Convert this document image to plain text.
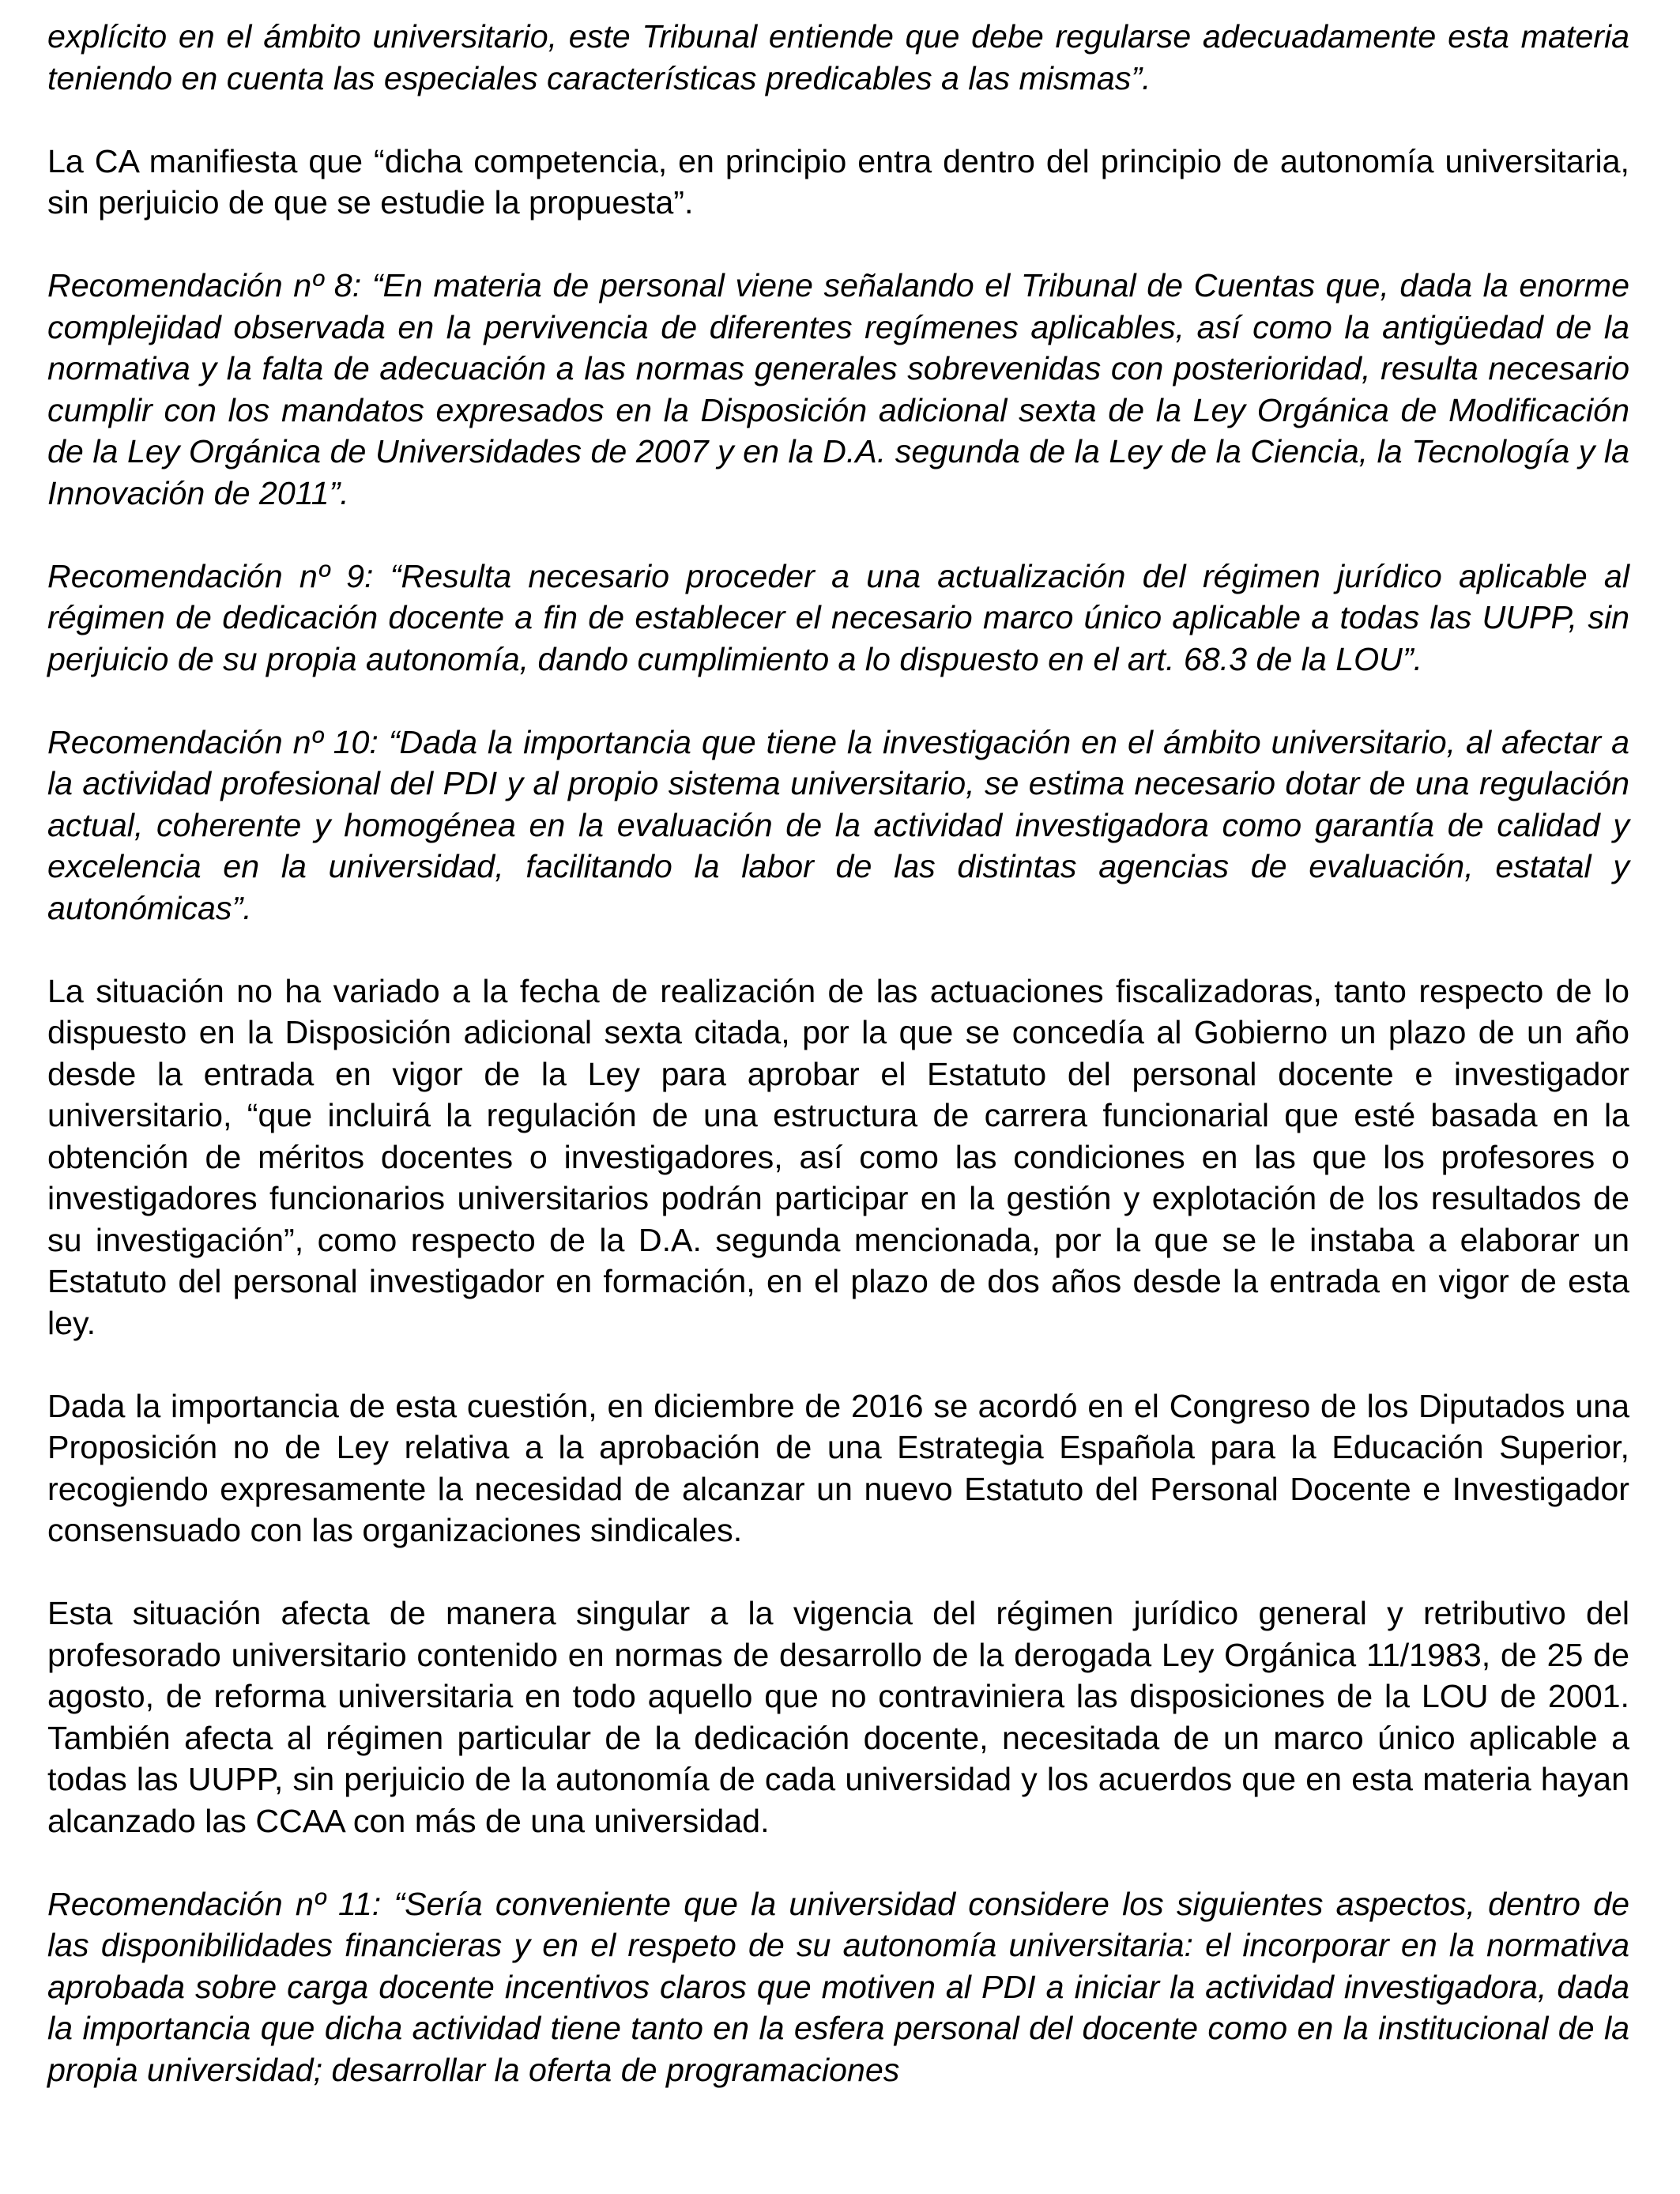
explícito en el ámbito universitario, este Tribunal entiende que debe regularse adecuadamente esta materia teniendo en cuenta las especiales características predicables a las mismas”.

La CA manifiesta que “dicha competencia, en principio entra dentro del principio de autonomía universitaria, sin perjuicio de que se estudie la propuesta”.

Recomendación nº 8: “En materia de personal viene señalando el Tribunal de Cuentas que, dada la enorme complejidad observada en la pervivencia de diferentes regímenes aplicables, así como la antigüedad de la normativa y la falta de adecuación a las normas generales sobrevenidas con posterioridad, resulta necesario cumplir con los mandatos expresados en la Disposición adicional sexta de la Ley Orgánica de Modificación de la Ley Orgánica de Universidades de 2007 y en la D.A. segunda de la Ley de la Ciencia, la Tecnología y la Innovación de 2011”.

Recomendación nº 9: “Resulta necesario proceder a una actualización del régimen jurídico aplicable al régimen de dedicación docente a fin de establecer el necesario marco único aplicable a todas las UUPP, sin perjuicio de su propia autonomía, dando cumplimiento a lo dispuesto en el art. 68.3 de la LOU”.

Recomendación nº 10: “Dada la importancia que tiene la investigación en el ámbito universitario, al afectar a la actividad profesional del PDI y al propio sistema universitario, se estima necesario dotar de una regulación actual, coherente y homogénea en la evaluación de la actividad investigadora como garantía de calidad y excelencia en la universidad, facilitando la labor de las distintas agencias de evaluación, estatal y autonómicas”.

La situación no ha variado a la fecha de realización de las actuaciones fiscalizadoras, tanto respecto de lo dispuesto en la Disposición adicional sexta citada, por la que se concedía al Gobierno un plazo de un año desde la entrada en vigor de la Ley para aprobar el Estatuto del personal docente e investigador universitario, “que incluirá la regulación de una estructura de carrera funcionarial que esté basada en la obtención de méritos docentes o investigadores, así como las condiciones en las que los profesores o investigadores funcionarios universitarios podrán participar en la gestión y explotación de los resultados de su investigación”, como respecto de la D.A. segunda mencionada, por la que se le instaba a elaborar un Estatuto del personal investigador en formación, en el plazo de dos años desde la entrada en vigor de esta ley.

Dada la importancia de esta cuestión, en diciembre de 2016 se acordó en el Congreso de los Diputados una Proposición no de Ley relativa a la aprobación de una Estrategia Española para la Educación Superior, recogiendo expresamente la necesidad de alcanzar un nuevo Estatuto del Personal Docente e Investigador consensuado con las organizaciones sindicales.

Esta situación afecta de manera singular a la vigencia del régimen jurídico general y retributivo del profesorado universitario contenido en normas de desarrollo de la derogada Ley Orgánica 11/1983, de 25 de agosto, de reforma universitaria en todo aquello que no contraviniera las disposiciones de la LOU de 2001. También afecta al régimen particular de la dedicación docente, necesitada de un marco único aplicable a todas las UUPP, sin perjuicio de la autonomía de cada universidad y los acuerdos que en esta materia hayan alcanzado las CCAA con más de una universidad.

Recomendación nº 11: “Sería conveniente que la universidad considere los siguientes aspectos, dentro de las disponibilidades financieras y en el respeto de su autonomía universitaria: el incorporar en la normativa aprobada sobre carga docente incentivos claros que motiven al PDI a iniciar la actividad investigadora, dada la importancia que dicha actividad tiene tanto en la esfera personal del docente como en la institucional de la propia universidad; desarrollar la oferta de programaciones
